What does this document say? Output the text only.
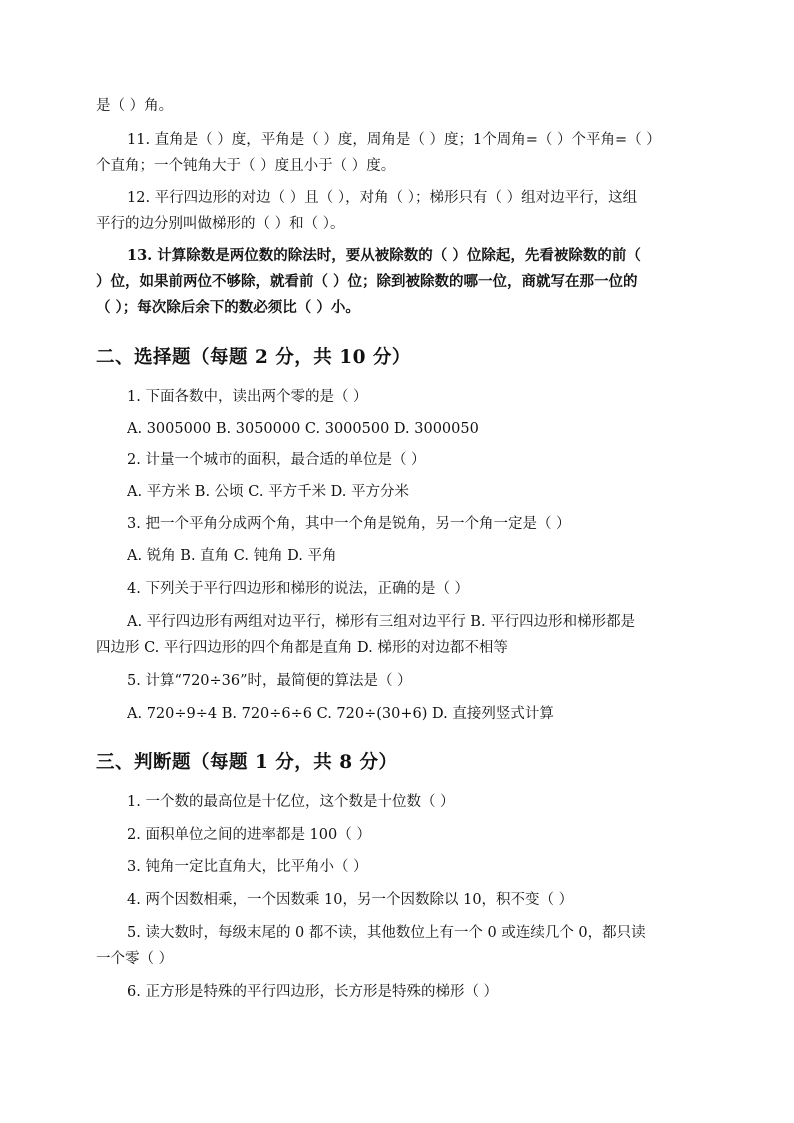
是（ ）角。
11. 直角是（ ）度，平角是（ ）度，周角是（ ）度；1个周角=（ ）个平角=（ ）
个直角；一个钝角大于（ ）度且小于（ ）度。
12. 平行四边形的对边（ ）且（ ），对角（ ）；梯形只有（ ）组对边平行，这组
平行的边分别叫做梯形的（ ）和（ ）。
13. 计算除数是两位数的除法时，要从被除数的（ ）位除起，先看被除数的前（
）位，如果前两位不够除，就看前（ ）位；除到被除数的哪一位，商就写在那一位的
（ ）；每次除后余下的数必须比（ ）小。
二、选择题（每题 2 分，共 10 分）
1. 下面各数中，读出两个零的是（ ）
A. 3005000 B. 3050000 C. 3000500 D. 3000050
2. 计量一个城市的面积，最合适的单位是（ ）
A. 平方米 B. 公顷 C. 平方千米 D. 平方分米
3. 把一个平角分成两个角，其中一个角是锐角，另一个角一定是（ ）
A. 锐角 B. 直角 C. 钝角 D. 平角
4. 下列关于平行四边形和梯形的说法，正确的是（ ）
A. 平行四边形有两组对边平行，梯形有三组对边平行 B. 平行四边形和梯形都是
四边形 C. 平行四边形的四个角都是直角 D. 梯形的对边都不相等
5. 计算“720÷36”时，最简便的算法是（ ）
A. 720÷9÷4 B. 720÷6÷6 C. 720÷(30+6) D. 直接列竖式计算
三、判断题（每题 1 分，共 8 分）
1. 一个数的最高位是十亿位，这个数是十位数（ ）
2. 面积单位之间的进率都是 100（ ）
3. 钝角一定比直角大，比平角小（ ）
4. 两个因数相乘，一个因数乘 10，另一个因数除以 10，积不变（ ）
5. 读大数时，每级末尾的 0 都不读，其他数位上有一个 0 或连续几个 0，都只读
一个零（ ）
6. 正方形是特殊的平行四边形，长方形是特殊的梯形（ ）
